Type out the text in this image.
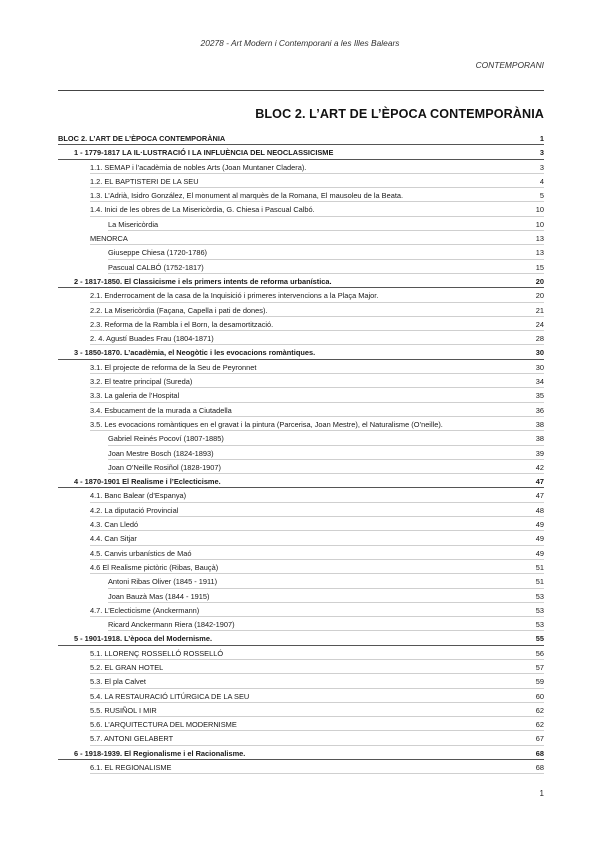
20278 - Art Modern i Contemporani a les Illes Balears
CONTEMPORANI
BLOC 2. L’ART DE L’ÈPOCA CONTEMPORÀNIA
BLOC 2. L’ART DE L’ÈPOCA CONTEMPORÀNIA	1
1 - 1779-1817 LA IL·LUSTRACIÓ I LA INFLUÈNCIA DEL NEOCLASSICISME	3
1.1. SEMAP i l’acadèmia de nobles Arts (Joan Muntaner Cladera).	3
1.2. EL BAPTISTERI DE LA SEU	4
1.3. L’Adrià, Isidro González, El monument al marquès de la Romana, El mausoleu de la Beata.	5
1.4. Inici de les obres de La Misericòrdia, G. Chiesa i Pascual Calbó.	10
La Misericòrdia	10
MENORCA	13
Giuseppe Chiesa (1720-1786)	13
Pascual CALBÓ (1752-1817)	15
2 - 1817-1850. El Classicisme i els primers intents de reforma urbanística.	20
2.1. Enderrocament de la casa de la Inquisició i primeres intervencions a la Plaça Major.	20
2.2. La Misericòrdia (Façana, Capella i pati de dones).	21
2.3. Reforma de la Rambla i el Born, la desamortització.	24
2. 4. Agustí Buades Frau (1804-1871)	28
3 - 1850-1870. L’acadèmia, el Neogòtic i les evocacions romàntiques.	30
3.1. El projecte de reforma de la Seu de Peyronnet	30
3.2. El teatre principal (Sureda)	34
3.3. La galeria de l’Hospital	35
3.4. Esbucament de la murada a Ciutadella	36
3.5. Les evocacions romàntiques en el gravat i la pintura (Parcerisa, Joan Mestre), el Naturalisme (O’neille).	38
Gabriel Reinés Pocoví (1807-1885)	38
Joan Mestre Bosch (1824-1893)	39
Joan O’Neille Rosiñol (1828-1907)	42
4 - 1870-1901 El Realisme i l’Eclecticisme.	47
4.1. Banc Balear (d’Espanya)	47
4.2. La diputació Provincial	48
4.3. Can Lledó	49
4.4. Can Sitjar	49
4.5. Canvis urbanístics de Maó	49
4.6 El Realisme pictòric (Ribas, Bauçà)	51
Antoni Ribas Oliver (1845 - 1911)	51
Joan Bauzà Mas (1844 - 1915)	53
4.7. L’Eclecticisme (Anckermann)	53
Ricard Anckermann Riera (1842-1907)	53
5 - 1901-1918. L’època del Modernisme.	55
5.1. LLORENÇ ROSSELLÓ ROSSELLÓ	56
5.2. EL GRAN HOTEL	57
5.3. El pla Calvet	59
5.4. LA RESTAURACIÓ LITÚRGICA DE LA SEU	60
5.5. RUSIÑOL I MIR	62
5.6. L’ARQUITECTURA DEL MODERNISME	62
5.7. ANTONI GELABERT	67
6 - 1918-1939. El Regionalisme i el Racionalisme.	68
6.1. EL REGIONALISME	68
1
